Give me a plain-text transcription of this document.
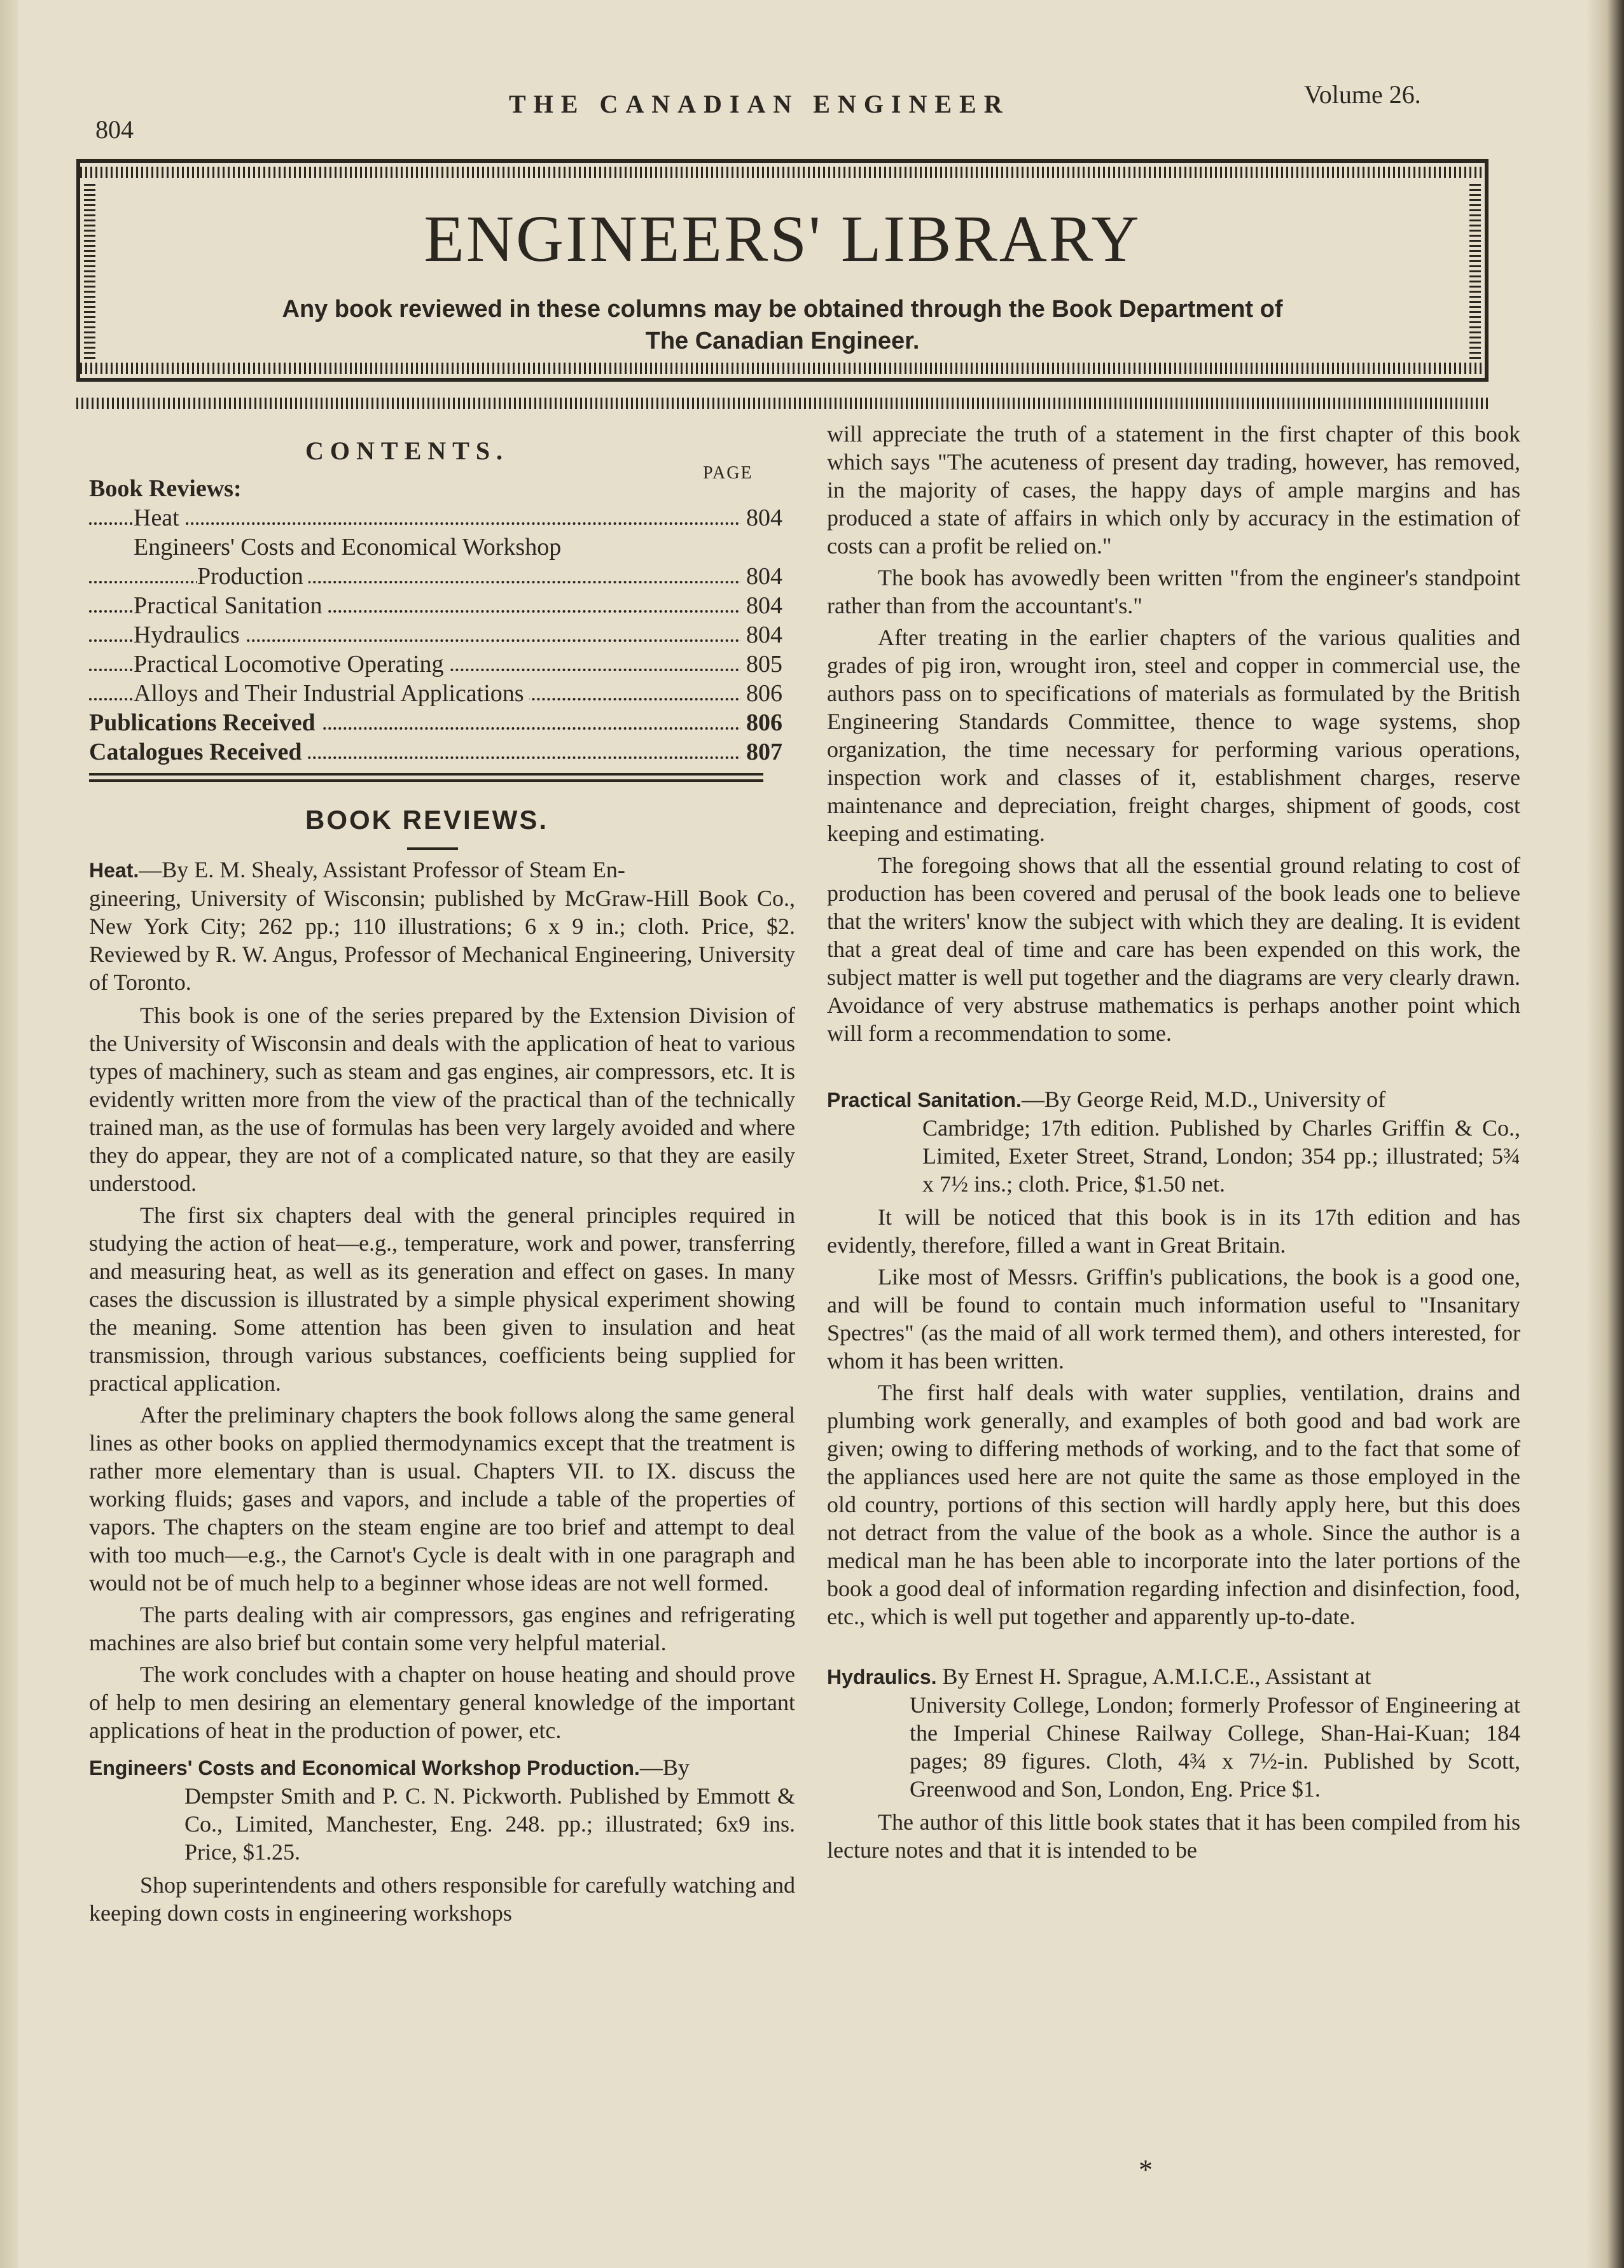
804
THE CANADIAN ENGINEER	Volume 26.
ENGINEERS' LIBRARY
Any book reviewed in these columns may be obtained through the Book Department of
The Canadian Engineer.
CONTENTS.
PAGE
Book Reviews:
Heat	804
Engineers' Costs and Economical Workshop
Production	804
Practical Sanitation	804
Hydraulics	804
Practical Locomotive Operating	805
Alloys and Their Industrial Applications	806
Publications Received	806
Catalogues Received	807
BOOK REVIEWS.
Heat.—By E. M. Shealy, Assistant Professor of Steam En-
gineering, University of Wisconsin; published by McGraw-Hill Book Co., New York City; 262 pp.; 110 illustrations; 6 x 9 in.; cloth. Price, $2. Reviewed by R. W. Angus, Professor of Mechanical Engineering, University of Toronto.

This book is one of the series prepared by the Extension Division of the University of Wisconsin and deals with the application of heat to various types of machinery, such as steam and gas engines, air compressors, etc. It is evidently written more from the view of the practical than of the technically trained man, as the use of formulas has been very largely avoided and where they do appear, they are not of a complicated nature, so that they are easily understood.

The first six chapters deal with the general principles required in studying the action of heat—e.g., temperature, work and power, transferring and measuring heat, as well as its generation and effect on gases. In many cases the discussion is illustrated by a simple physical experiment showing the meaning. Some attention has been given to insulation and heat transmission, through various substances, coefficients being supplied for practical application.

After the preliminary chapters the book follows along the same general lines as other books on applied thermodynamics except that the treatment is rather more elementary than is usual. Chapters VII. to IX. discuss the working fluids; gases and vapors, and include a table of the properties of vapors. The chapters on the steam engine are too brief and attempt to deal with too much—e.g., the Carnot's Cycle is dealt with in one paragraph and would not be of much help to a beginner whose ideas are not well formed.

The parts dealing with air compressors, gas engines and refrigerating machines are also brief but contain some very helpful material.

The work concludes with a chapter on house heating and should prove of help to men desiring an elementary general knowledge of the important applications of heat in the production of power, etc.

Engineers' Costs and Economical Workshop Production.—By
Dempster Smith and P. C. N. Pickworth. Published by Emmott & Co., Limited, Manchester, Eng. 248. pp.; illustrated; 6x9 ins. Price, $1.25.

Shop superintendents and others responsible for carefully watching and keeping down costs in engineering workshops

will appreciate the truth of a statement in the first chapter of this book which says "The acuteness of present day trading, however, has removed, in the majority of cases, the happy days of ample margins and has produced a state of affairs in which only by accuracy in the estimation of costs can a profit be relied on."

The book has avowedly been written "from the engineer's standpoint rather than from the accountant's."

After treating in the earlier chapters of the various qualities and grades of pig iron, wrought iron, steel and copper in commercial use, the authors pass on to specifications of materials as formulated by the British Engineering Standards Committee, thence to wage systems, shop organization, the time necessary for performing various operations, inspection work and classes of it, establishment charges, reserve maintenance and depreciation, freight charges, shipment of goods, cost keeping and estimating.

The foregoing shows that all the essential ground relating to cost of production has been covered and perusal of the book leads one to believe that the writers' know the subject with which they are dealing. It is evident that a great deal of time and care has been expended on this work, the subject matter is well put together and the diagrams are very clearly drawn. Avoidance of very abstruse mathematics is perhaps another point which will form a recommendation to some.

Practical Sanitation.—By George Reid, M.D., University of
Cambridge; 17th edition. Published by Charles Griffin & Co., Limited, Exeter Street, Strand, London; 354 pp.; illustrated; 5¾ x 7½ ins.; cloth. Price, $1.50 net.

It will be noticed that this book is in its 17th edition and has evidently, therefore, filled a want in Great Britain.

Like most of Messrs. Griffin's publications, the book is a good one, and will be found to contain much information useful to "Insanitary Spectres" (as the maid of all work termed them), and others interested, for whom it has been written.

The first half deals with water supplies, ventilation, drains and plumbing work generally, and examples of both good and bad work are given; owing to differing methods of working, and to the fact that some of the appliances used here are not quite the same as those employed in the old country, portions of this section will hardly apply here, but this does not detract from the value of the book as a whole. Since the author is a medical man he has been able to incorporate into the later portions of the book a good deal of information regarding infection and disinfection, food, etc., which is well put together and apparently up-to-date.

Hydraulics. By Ernest H. Sprague, A.M.I.C.E., Assistant at
University College, London; formerly Professor of Engineering at the Imperial Chinese Railway College, Shan-Hai-Kuan; 184 pages; 89 figures. Cloth, 4¾ x 7½-in. Published by Scott, Greenwood and Son, London, Eng. Price $1.

The author of this little book states that it has been compiled from his lecture notes and that it is intended to be

*
